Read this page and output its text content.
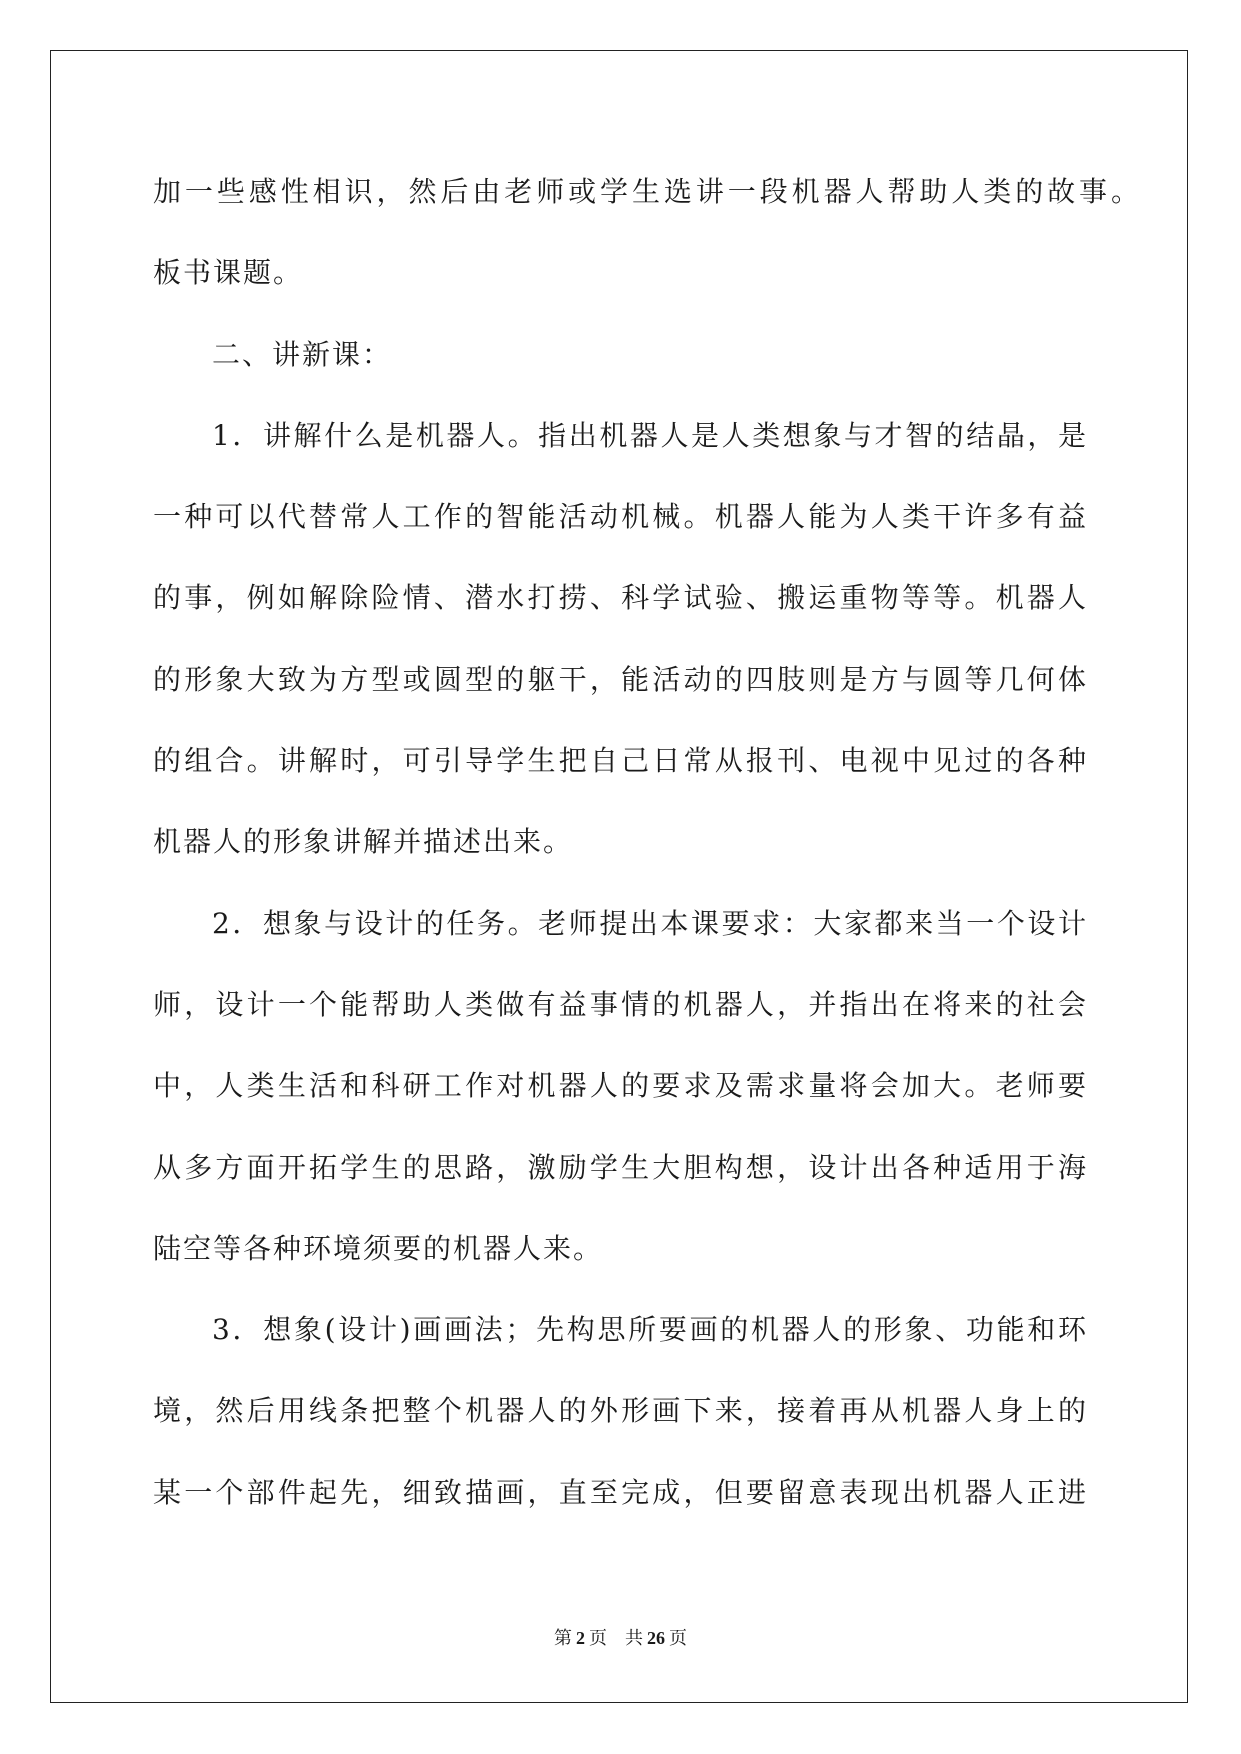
加一些感性相识，然后由老师或学生选讲一段机器人帮助人类的故事。
板书课题。
二、讲新课：
1．讲解什么是机器人。指出机器人是人类想象与才智的结晶，是
一种可以代替常人工作的智能活动机械。机器人能为人类干许多有益
的事，例如解除险情、潜水打捞、科学试验、搬运重物等等。机器人
的形象大致为方型或圆型的躯干，能活动的四肢则是方与圆等几何体
的组合。讲解时，可引导学生把自己日常从报刊、电视中见过的各种
机器人的形象讲解并描述出来。
2．想象与设计的任务。老师提出本课要求：大家都来当一个设计
师，设计一个能帮助人类做有益事情的机器人，并指出在将来的社会
中，人类生活和科研工作对机器人的要求及需求量将会加大。老师要
从多方面开拓学生的思路，激励学生大胆构想，设计出各种适用于海
陆空等各种环境须要的机器人来。
3．想象(设计)画画法；先构思所要画的机器人的形象、功能和环
境，然后用线条把整个机器人的外形画下来，接着再从机器人身上的
某一个部件起先，细致描画，直至完成，但要留意表现出机器人正进
第 2 页 共 26 页
